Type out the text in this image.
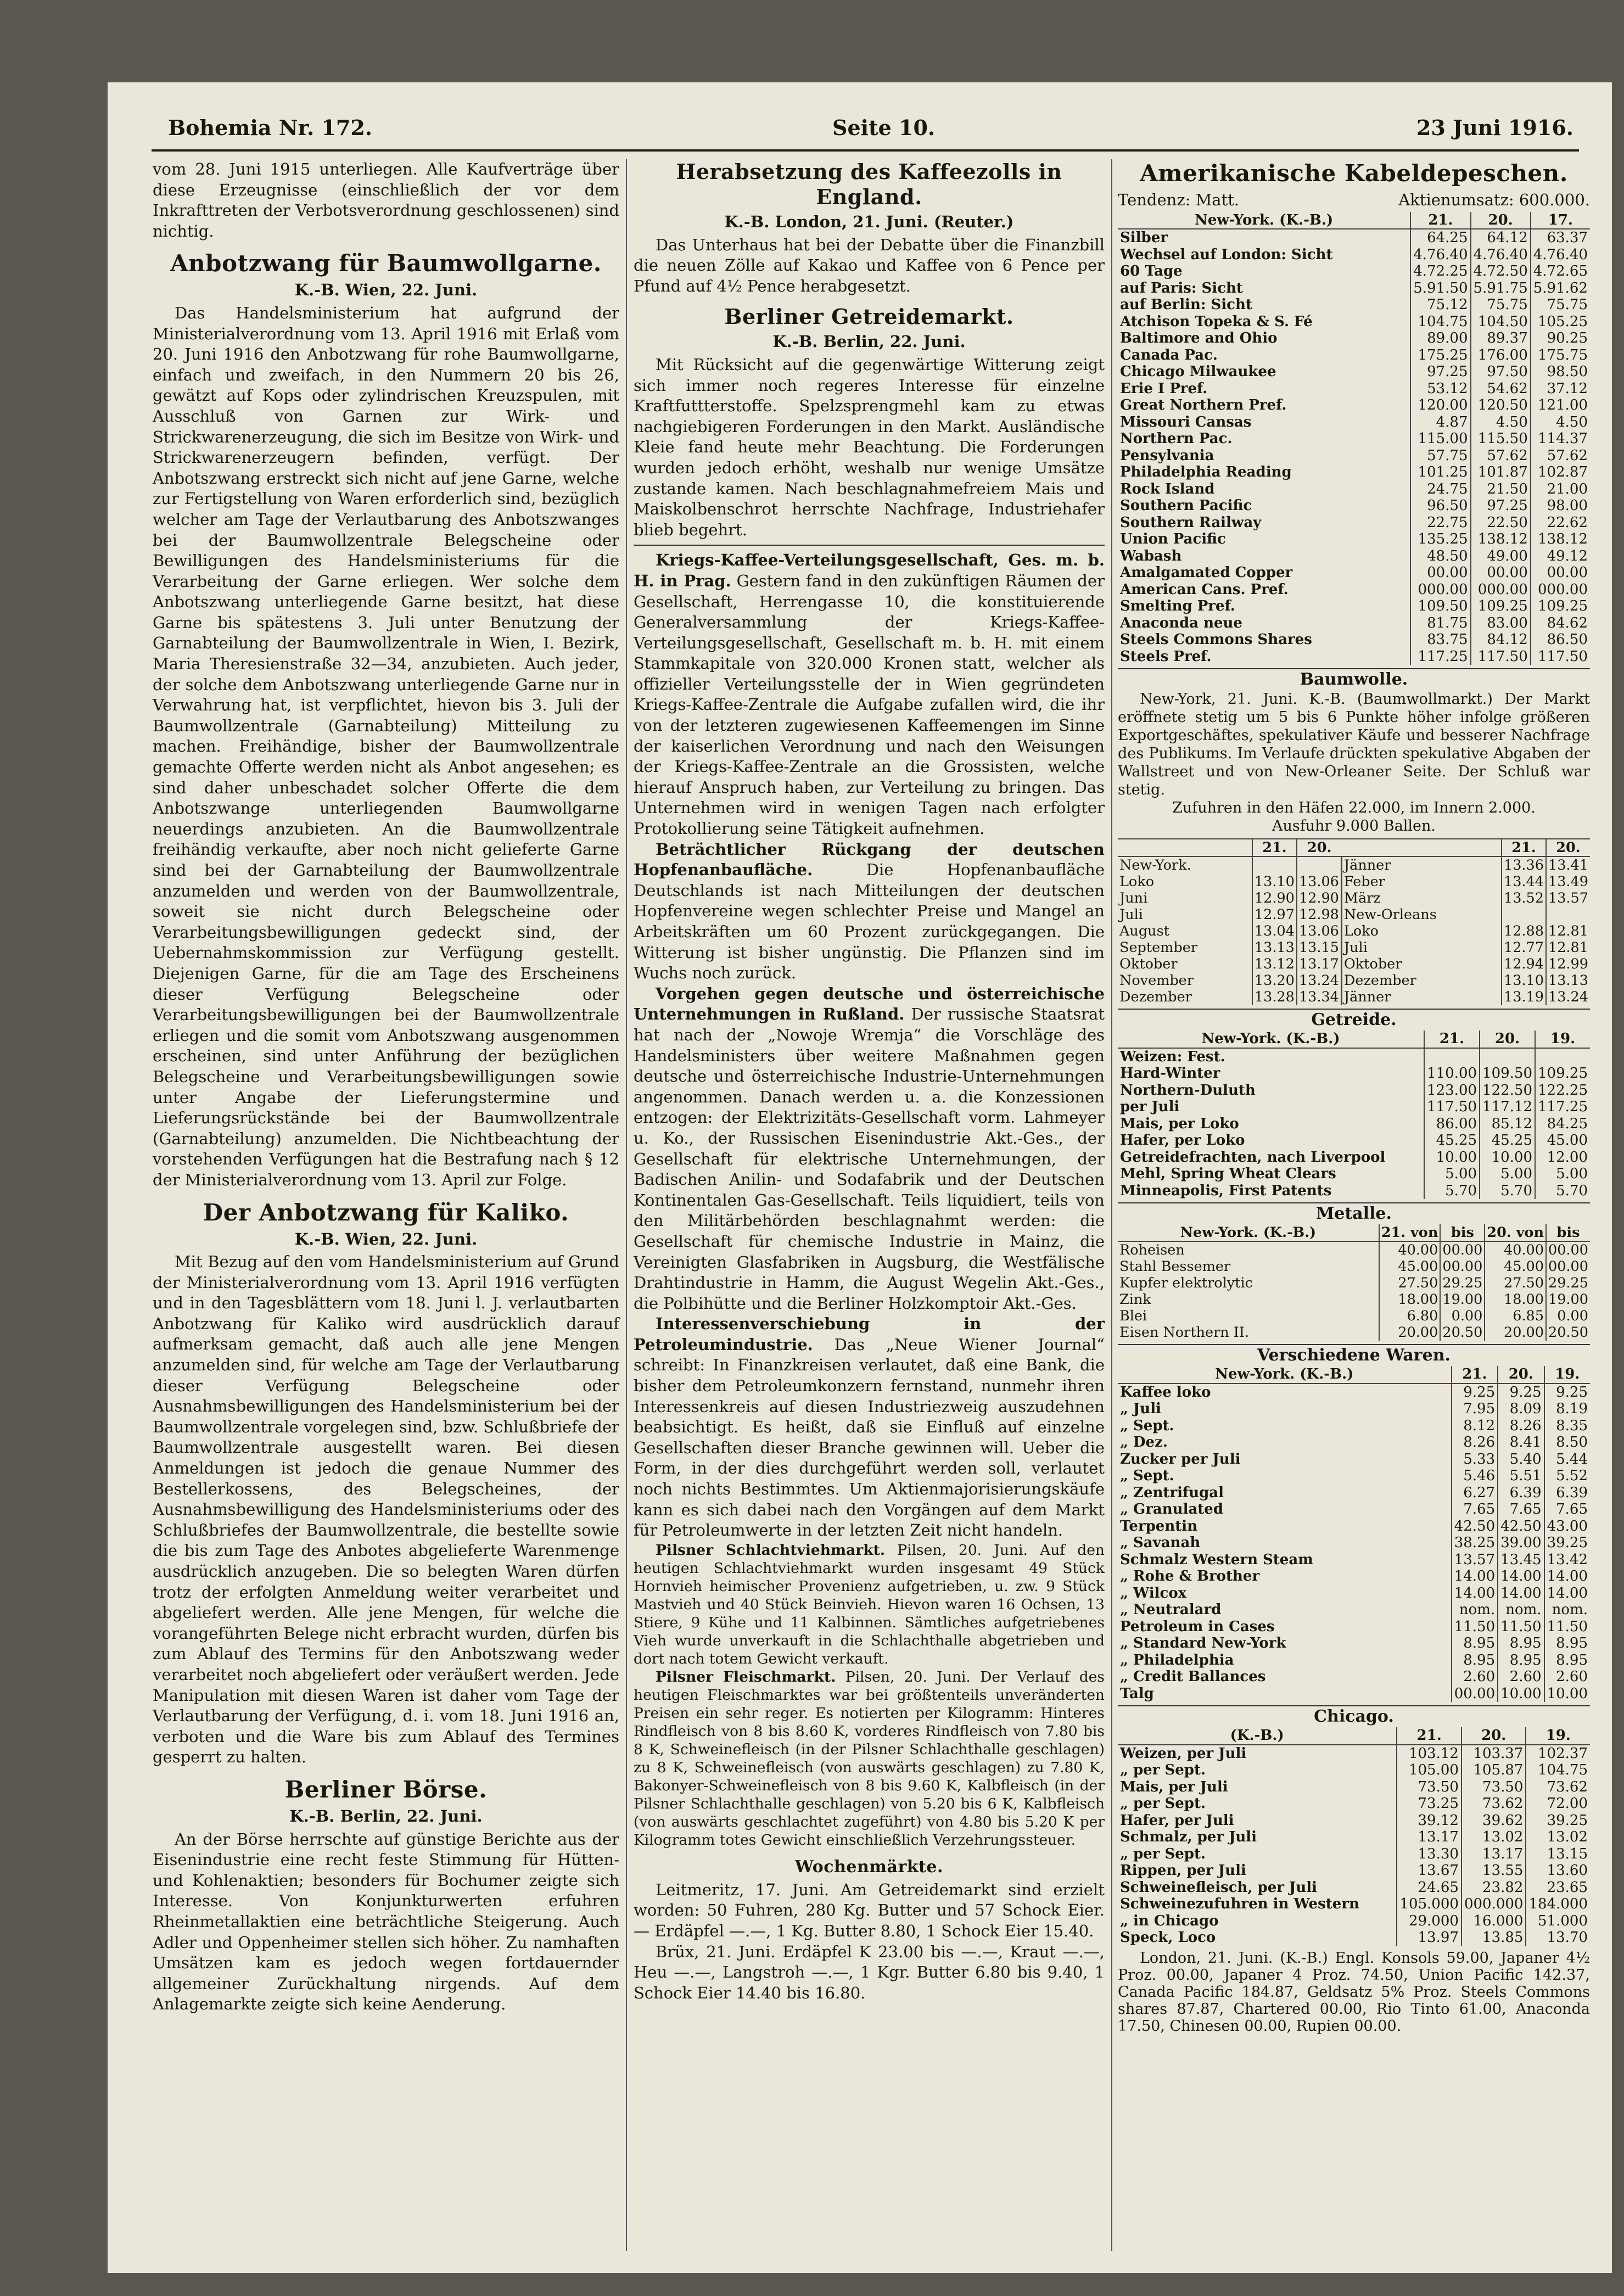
Bohemia Nr. 172.	Seite 10.	23 Juni 1916.

vom 28. Juni 1915 unterliegen. Alle Kaufverträge über diese Erzeugnisse (einschließlich der vor dem Inkrafttreten der Verbotsverordnung geschlossenen) sind nichtig.

Anbotzwang für Baumwollgarne.
K.-B. Wien, 22. Juni.

Das Handelsministerium hat aufgrund der Ministerialverordnung vom 13. April 1916 mit Erlaß vom 20. Juni 1916 den Anbotzwang für rohe Baumwollgarne, einfach und zweifach, in den Nummern 20 bis 26, gewätzt auf Kops oder zylindrischen Kreuzspulen, mit Ausschluß von Garnen zur Wirk- und Strickwarenerzeugung, die sich im Besitze von Wirk- und Strickwarenerzeugern befinden, verfügt. Der Anbotszwang erstreckt sich nicht auf jene Garne, welche zur Fertigstellung von Waren erforderlich sind, bezüglich welcher am Tage der Verlautbarung des Anbotszwanges bei der Baumwollzentrale Belegscheine oder Bewilligungen des Handelsministeriums für die Verarbeitung der Garne erliegen. Wer solche dem Anbotszwang unterliegende Garne besitzt, hat diese Garne bis spätestens 3. Juli unter Benutzung der Garnabteilung der Baumwollzentrale in Wien, I. Bezirk, Maria Theresienstraße 32—34, anzubieten. Auch jeder, der solche dem Anbotszwang unterliegende Garne nur in Verwahrung hat, ist verpflichtet, hievon bis 3. Juli der Baumwollzentrale (Garnabteilung) Mitteilung zu machen. Freihändige, bisher der Baumwollzentrale gemachte Offerte werden nicht als Anbot angesehen; es sind daher unbeschadet solcher Offerte die dem Anbotszwange unterliegenden Baumwollgarne neuerdings anzubieten. An die Baumwollzentrale freihändig verkaufte, aber noch nicht gelieferte Garne sind bei der Garnabteilung der Baumwollzentrale anzumelden und werden von der Baumwollzentrale, soweit sie nicht durch Belegscheine oder Verarbeitungsbewilligungen gedeckt sind, der Uebernahmskommission zur Verfügung gestellt. Diejenigen Garne, für die am Tage des Erscheinens dieser Verfügung Belegscheine oder Verarbeitungsbewilligungen bei der Baumwollzentrale erliegen und die somit vom Anbotszwang ausgenommen erscheinen, sind unter Anführung der bezüglichen Belegscheine und Verarbeitungsbewilligungen sowie unter Angabe der Lieferungstermine und Lieferungsrückstände bei der Baumwollzentrale (Garnabteilung) anzumelden. Die Nichtbeachtung der vorstehenden Verfügungen hat die Bestrafung nach § 12 der Ministerialverordnung vom 13. April zur Folge.

Der Anbotzwang für Kaliko.
K.-B. Wien, 22. Juni.

Mit Bezug auf den vom Handelsministerium auf Grund der Ministerialverordnung vom 13. April 1916 verfügten und in den Tagesblättern vom 18. Juni l. J. verlautbarten Anbotzwang für Kaliko wird ausdrücklich darauf aufmerksam gemacht, daß auch alle jene Mengen anzumelden sind, für welche am Tage der Verlautbarung dieser Verfügung Belegscheine oder Ausnahmsbewilligungen des Handelsministerium bei der Baumwollzentrale vorgelegen sind, bzw. Schlußbriefe der Baumwollzentrale ausgestellt waren. Bei diesen Anmeldungen ist jedoch die genaue Nummer des Bestellerkossens, des Belegscheines, der Ausnahmsbewilligung des Handelsministeriums oder des Schlußbriefes der Baumwollzentrale, die bestellte sowie die bis zum Tage des Anbotes abgelieferte Warenmenge ausdrücklich anzugeben. Die so belegten Waren dürfen trotz der erfolgten Anmeldung weiter verarbeitet und abgeliefert werden. Alle jene Mengen, für welche die vorangeführten Belege nicht erbracht wurden, dürfen bis zum Ablauf des Termins für den Anbotszwang weder verarbeitet noch abgeliefert oder veräußert werden. Jede Manipulation mit diesen Waren ist daher vom Tage der Verlautbarung der Verfügung, d. i. vom 18. Juni 1916 an, verboten und die Ware bis zum Ablauf des Termines gesperrt zu halten.

Berliner Börse.
K.-B. Berlin, 22. Juni.

An der Börse herrschte auf günstige Berichte aus der Eisenindustrie eine recht feste Stimmung für Hütten- und Kohlenaktien; besonders für Bochumer zeigte sich Interesse. Von Konjunkturwerten erfuhren Rheinmetallaktien eine beträchtliche Steigerung. Auch Adler und Oppenheimer stellen sich höher. Zu namhaften Umsätzen kam es jedoch wegen fortdauernder allgemeiner Zurückhaltung nirgends. Auf dem Anlagemarkte zeigte sich keine Aenderung.

Herabsetzung des Kaffeezolls in England.
K.-B. London, 21. Juni. (Reuter.)

Das Unterhaus hat bei der Debatte über die Finanzbill die neuen Zölle auf Kakao und Kaffee von 6 Pence per Pfund auf 4½ Pence herabgesetzt.

Berliner Getreidemarkt.
K.-B. Berlin, 22. Juni.

Mit Rücksicht auf die gegenwärtige Witterung zeigt sich immer noch regeres Interesse für einzelne Kraftfuttterstoffe. Spelzsprengmehl kam zu etwas nachgiebigeren Forderungen in den Markt. Ausländische Kleie fand heute mehr Beachtung. Die Forderungen wurden jedoch erhöht, weshalb nur wenige Umsätze zustande kamen. Nach beschlagnahmefreiem Mais und Maiskolbenschrot herrschte Nachfrage, Industriehafer blieb begehrt.

Kriegs-Kaffee-Verteilungsgesellschaft, Ges. m. b. H. in Prag. Gestern fand in den zukünftigen Räumen der Gesellschaft, Herrengasse 10, die konstituierende Generalversammlung der Kriegs-Kaffee-Verteilungsgesellschaft, Gesellschaft m. b. H. mit einem Stammkapitale von 320.000 Kronen statt, welcher als offizieller Verteilungsstelle der in Wien gegründeten Kriegs-Kaffee-Zentrale die Aufgabe zufallen wird, die ihr von der letzteren zugewiesenen Kaffeemengen im Sinne der kaiserlichen Verordnung und nach den Weisungen der Kriegs-Kaffee-Zentrale an die Grossisten, welche hierauf Anspruch haben, zur Verteilung zu bringen. Das Unternehmen wird in wenigen Tagen nach erfolgter Protokollierung seine Tätigkeit aufnehmen.

Beträchtlicher Rückgang der deutschen Hopfenanbaufläche.	Die Hopfenanbaufläche Deutschlands ist nach Mitteilungen der deutschen Hopfenvereine wegen schlechter Preise und Mangel an Arbeitskräften um 60 Prozent zurückgegangen. Die Witterung ist bisher ungünstig. Die Pflanzen sind im Wuchs noch zurück.

Vorgehen gegen deutsche und österreichische Unternehmungen in Rußland. Der russische Staatsrat hat nach der „Nowoje Wremja“ die Vorschläge des Handelsministers über weitere Maßnahmen gegen deutsche und österreichische Industrie-Unternehmungen angenommen. Danach werden u. a. die Konzessionen entzogen: der Elektrizitäts-Gesellschaft vorm. Lahmeyer u. Ko., der Russischen Eisenindustrie Akt.-Ges., der Gesellschaft für elektrische Unternehmungen, der Badischen Anilin- und Sodafabrik und der Deutschen Kontinentalen Gas-Gesellschaft. Teils liquidiert, teils von den Militärbehörden beschlagnahmt werden: die Gesellschaft für chemische Industrie in Mainz, die Vereinigten Glasfabriken in Augsburg, die Westfälische Drahtindustrie in Hamm, die August Wegelin Akt.-Ges., die Polbihütte und die Berliner Holzkomptoir Akt.-Ges.

Interessenverschiebung in der Petroleumindustrie. Das „Neue Wiener Journal“ schreibt: In Finanzkreisen verlautet, daß eine Bank, die bisher dem Petroleumkonzern fernstand, nunmehr ihren Interessenkreis auf diesen Industriezweig auszudehnen beabsichtigt. Es heißt, daß sie Einfluß auf einzelne Gesellschaften dieser Branche gewinnen will. Ueber die Form, in der dies durchgeführt werden soll, verlautet noch nichts Bestimmtes. Um Aktienmajorisierungskäufe kann es sich dabei nach den Vorgängen auf dem Markt für Petroleumwerte in der letzten Zeit nicht handeln.

Pilsner Schlachtviehmarkt. Pilsen, 20. Juni. Auf den heutigen Schlachtviehmarkt wurden insgesamt 49 Stück Hornvieh heimischer Provenienz aufgetrieben, u. zw. 9 Stück Mastvieh und 40 Stück Beinvieh. Hievon waren 16 Ochsen, 13 Stiere, 9 Kühe und 11 Kalbinnen. Sämtliches aufgetriebenes Vieh wurde unverkauft in die Schlachthalle abgetrieben und dort nach totem Gewicht verkauft.

Pilsner Fleischmarkt. Pilsen, 20. Juni. Der Verlauf des heutigen Fleischmarktes war bei größtenteils unveränderten Preisen ein sehr reger. Es notierten per Kilogramm: Hinteres Rindfleisch von 8 bis 8.60 K, vorderes Rindfleisch von 7.80 bis 8 K, Schweinefleisch (in der Pilsner Schlachthalle geschlagen) zu 8 K, Schweinefleisch (von auswärts geschlagen) zu 7.80 K, Bakonyer-Schweinefleisch von 8 bis 9.60 K, Kalbfleisch (in der Pilsner Schlachthalle geschlagen) von 5.20 bis 6 K, Kalbfleisch (von auswärts geschlachtet zugeführt) von 4.80 bis 5.20 K per Kilogramm totes Gewicht einschließlich Verzehrungssteuer.

Wochenmärkte.

Leitmeritz, 17. Juni. Am Getreidemarkt sind erzielt worden: 50 Fuhren, 280 Kg. Butter und 57 Schock Eier. — Erdäpfel —.—, 1 Kg. Butter 8.80, 1 Schock Eier 15.40.

Brüx, 21. Juni. Erdäpfel K 23.00 bis —.—, Kraut —.—, Heu —.—, Langstroh —.—, 1 Kgr. Butter 6.80 bis 9.40, 1 Schock Eier 14.40 bis 16.80.

Amerikanische Kabeldepeschen.
Tendenz: Matt.	Aktienumsatz: 600.000.
New-York. (K.-B.)	21.	20.	17.
Silber	64.25	64.12	63.37
Wechsel auf London: Sicht	4.76.40	4.76.40	4.76.40
60 Tage	4.72.25	4.72.50	4.72.65
auf Paris: Sicht	5.91.50	5.91.75	5.91.62
auf Berlin: Sicht	75.12	75.75	75.75
Atchison Topeka & S. Fé	104.75	104.50	105.25
Baltimore and Ohio	89.00	89.37	90.25
Canada Pac.	175.25	176.00	175.75
Chicago Milwaukee	97.25	97.50	98.50
Erie I Pref.	53.12	54.62	37.12
Great Northern Pref.	120.00	120.50	121.00
Missouri Cansas	4.87	4.50	4.50
Northern Pac.	115.00	115.50	114.37
Pensylvania	57.75	57.62	57.62
Philadelphia Reading	101.25	101.87	102.87
Rock Island	24.75	21.50	21.00
Southern Pacific	96.50	97.25	98.00
Southern Railway	22.75	22.50	22.62
Union Pacific	135.25	138.12	138.12
Wabash	48.50	49.00	49.12
Amalgamated Copper	00.00	00.00	00.00
American Cans. Pref.	000.00	000.00	000.00
Smelting Pref.	109.50	109.25	109.25
Anaconda neue	81.75	83.00	84.62
Steels Commons Shares	83.75	84.12	86.50
Steels Pref.	117.25	117.50	117.50
Baumwolle.

New-York, 21. Juni. K.-B. (Baumwollmarkt.) Der Markt eröffnete stetig um 5 bis 6 Punkte höher infolge größeren Exportgeschäftes, spekulativer Käufe und besserer Nachfrage des Publikums. Im Verlaufe drückten spekulative Abgaben der Wallstreet und von New-Orleaner Seite. Der Schluß war stetig.

Zufuhren in den Häfen 22.000, im Innern 2.000.
Ausfuhr 9.000 Ballen.
	21.	20.		21.	20.
New-York.			Jänner	13.36	13.41
Loko	13.10	13.06	Feber	13.44	13.49
Juni	12.90	12.90	März	13.52	13.57
Juli	12.97	12.98	New-Orleans		
August	13.04	13.06	Loko	12.88	12.81
September	13.13	13.15	Juli	12.77	12.81
Oktober	13.12	13.17	Oktober	12.94	12.99
November	13.20	13.24	Dezember	13.10	13.13
Dezember	13.28	13.34	Jänner	13.19	13.24
Getreide.
New-York. (K.-B.)	21.	20.	19.
Weizen: Fest.			
Hard-Winter	110.00	109.50	109.25
Northern-Duluth	123.00	122.50	122.25
per Juli	117.50	117.12	117.25
Mais, per Loko	86.00	85.12	84.25
Hafer, per Loko	45.25	45.25	45.00
Getreidefrachten, nach Liverpool	10.00	10.00	12.00
Mehl, Spring Wheat Clears	5.00	5.00	5.00
Minneapolis, First Patents	5.70	5.70	5.70
Metalle.
New-York. (K.-B.)	21. von	bis	20. von	bis
Roheisen	40.00	00.00	40.00	00.00
Stahl Bessemer	45.00	00.00	45.00	00.00
Kupfer elektrolytic	27.50	29.25	27.50	29.25
Zink	18.00	19.00	18.00	19.00
Blei	6.80	0.00	6.85	0.00
Eisen Northern II.	20.00	20.50	20.00	20.50
Verschiedene Waren.
New-York. (K.-B.)	21.	20.	19.
Kaffee loko	9.25	9.25	9.25
„ Juli	7.95	8.09	8.19
„ Sept.	8.12	8.26	8.35
„ Dez.	8.26	8.41	8.50
Zucker per Juli	5.33	5.40	5.44
„ Sept.	5.46	5.51	5.52
„ Zentrifugal	6.27	6.39	6.39
„ Granulated	7.65	7.65	7.65
Terpentin	42.50	42.50	43.00
„ Savanah	38.25	39.00	39.25
Schmalz Western Steam	13.57	13.45	13.42
„ Rohe & Brother	14.00	14.00	14.00
„ Wilcox	14.00	14.00	14.00
„ Neutralard	nom.	nom.	nom.
Petroleum in Cases	11.50	11.50	11.50
„ Standard New-York	8.95	8.95	8.95
„ Philadelphia	8.95	8.95	8.95
„ Credit Ballances	2.60	2.60	2.60
Talg	00.00	10.00	10.00
Chicago.
(K.-B.)	21.	20.	19.
Weizen, per Juli	103.12	103.37	102.37
„ per Sept.	105.00	105.87	104.75
Mais, per Juli	73.50	73.50	73.62
„ per Sept.	73.25	73.62	72.00
Hafer, per Juli	39.12	39.62	39.25
Schmalz, per Juli	13.17	13.02	13.02
„ per Sept.	13.30	13.17	13.15
Rippen, per Juli	13.67	13.55	13.60
Schweinefleisch, per Juli	24.65	23.82	23.65
Schweinezufuhren in Western	105.000	000.000	184.000
„ in Chicago	29.000	16.000	51.000
Speck, Loco	13.97	13.85	13.70

London, 21. Juni. (K.-B.) Engl. Konsols 59.00, Japaner 4½ Proz. 00.00, Japaner 4 Proz. 74.50, Union Pacific 142.37, Canada Pacific 184.87, Geldsatz 5% Proz. Steels Commons shares 87.87, Chartered 00.00, Rio Tinto 61.00, Anaconda 17.50, Chinesen 00.00, Rupien 00.00.
